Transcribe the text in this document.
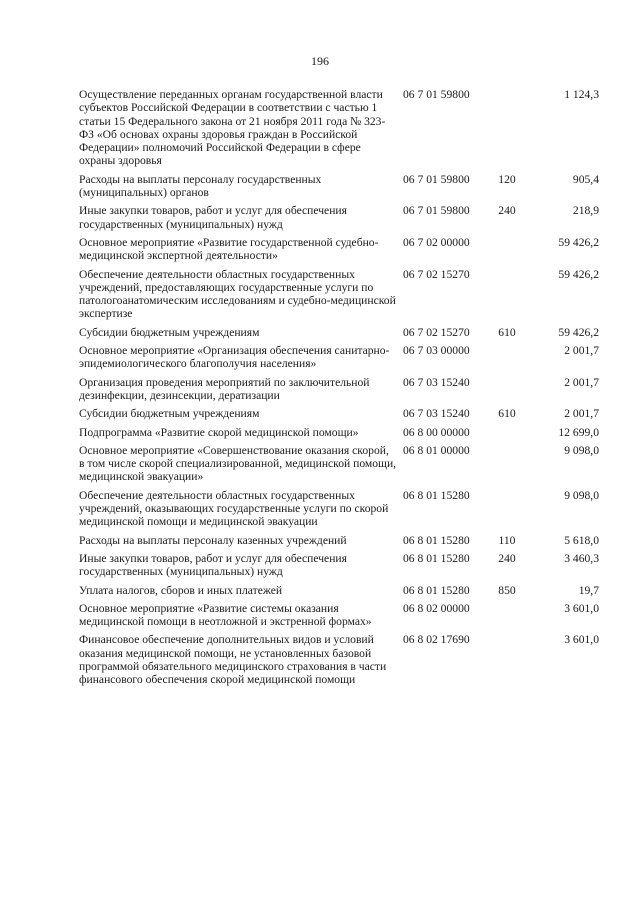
196
Осуществление переданных органам государственной власти субъектов Российской Федерации в соответствии с частью 1 статьи 15 Федерального закона от 21 ноября 2011 года № 323-ФЗ «Об основах охраны здоровья граждан в Российской Федерации» полномочий Российской Федерации в сфере охраны здоровья
06 7 01 59800	1 124,3
Расходы на выплаты персоналу государственных (муниципальных) органов
06 7 01 59800	120	905,4
Иные закупки товаров, работ и услуг для обеспечения государственных (муниципальных) нужд
06 7 01 59800	240	218,9
Основное мероприятие «Развитие государственной судебно-медицинской экспертной деятельности»
06 7 02 00000	59 426,2
Обеспечение деятельности областных государственных учреждений, предоставляющих государственные услуги по патологоанатомическим исследованиям и судебно-медицинской экспертизе
06 7 02 15270	59 426,2
Субсидии бюджетным учреждениям	06 7 02 15270	610	59 426,2
Основное мероприятие «Организация обеспечения санитарно-эпидемиологического благополучия населения»
06 7 03 00000	2 001,7
Организация проведения мероприятий по заключительной дезинфекции, дезинсекции, дератизации
06 7 03 15240	2 001,7
Субсидии бюджетным учреждениям	06 7 03 15240	610	2 001,7
Подпрограмма «Развитие скорой медицинской помощи»	06 8 00 00000	12 699,0
Основное мероприятие «Совершенствование оказания скорой, в том числе скорой специализированной, медицинской помощи, медицинской эвакуации»
06 8 01 00000	9 098,0
Обеспечение деятельности областных государственных учреждений, оказывающих государственные услуги по скорой медицинской помощи и медицинской эвакуации
06 8 01 15280	9 098,0
Расходы на выплаты персоналу казенных учреждений	06 8 01 15280	110	5 618,0
Иные закупки товаров, работ и услуг для обеспечения государственных (муниципальных) нужд
06 8 01 15280	240	3 460,3
Уплата налогов, сборов и иных платежей	06 8 01 15280	850	19,7
Основное мероприятие «Развитие системы оказания медицинской помощи в неотложной и экстренной формах»
06 8 02 00000	3 601,0
Финансовое обеспечение дополнительных видов и условий оказания медицинской помощи, не установленных базовой программой обязательного медицинского страхования в части финансового обеспечения скорой медицинской помощи
06 8 02 17690	3 601,0
